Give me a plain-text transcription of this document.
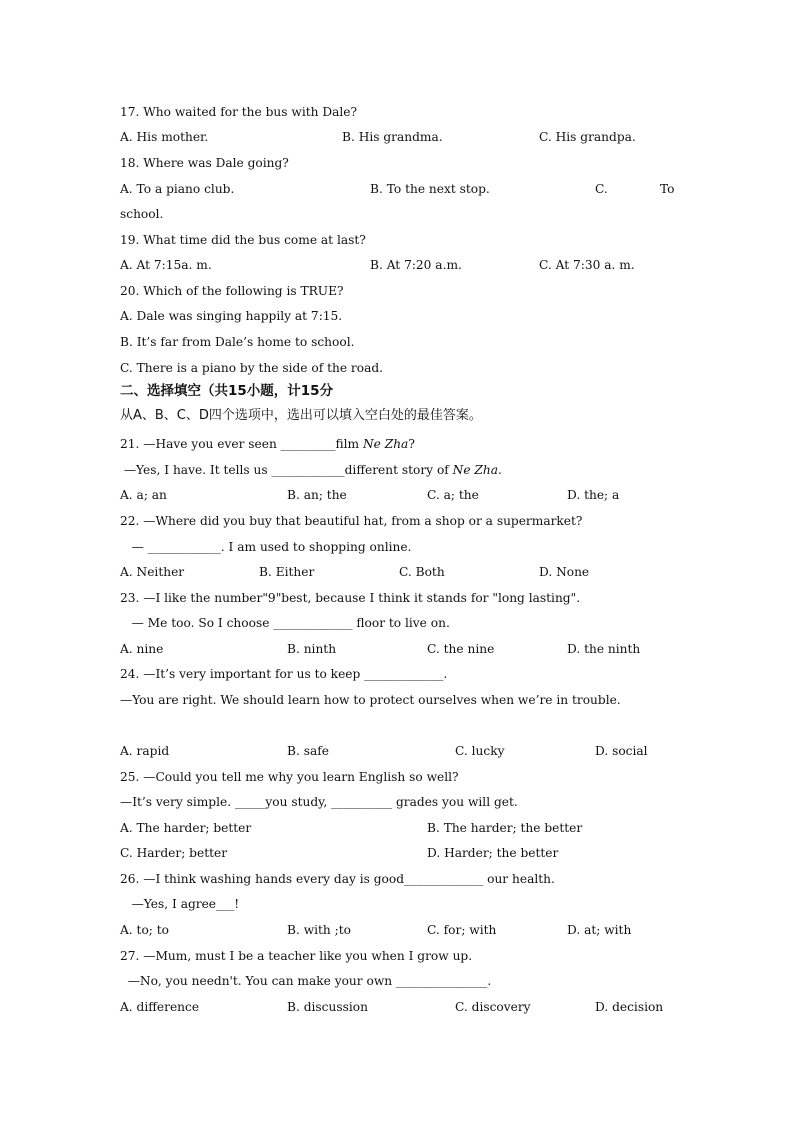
17. Who waited for the bus with Dale?
A. His mother.	B. His grandma.	C. His grandpa.
18. Where was Dale going?
A. To a piano club.	B. To the next stop.	C.	To
school.
19. What time did the bus come at last?
A. At 7:15a. m.	B. At 7:20 a.m.	C. At 7:30 a. m.
20. Which of the following is TRUE?
A. Dale was singing happily at 7:15.
B. It’s far from Dale’s home to school.
C. There is a piano by the side of the road.
二、选择填空（共15小题，计15分
从A、B、C、D四个选项中，选出可以填入空白处的最佳答案。
21. —Have you ever seen _________film Ne Zha?
—Yes, I have. It tells us ____________different story of Ne Zha.
A. a; an	B. an; the	C. a; the	D. the; a
22. —Where did you buy that beautiful hat, from a shop or a supermarket?
— ____________. I am used to shopping online.
A. Neither	B. Either	C. Both	D. None
23. —I like the number"9"best, because I think it stands for "long lasting".
— Me too. So I choose _____________ floor to live on.
A. nine	B. ninth	C. the nine	D. the ninth
24. —It’s very important for us to keep _____________.
—You are right. We should learn how to protect ourselves when we’re in trouble.
A. rapid	B. safe	C. lucky	D. social
25. —Could you tell me why you learn English so well?
—It’s very simple. _____you study, __________ grades you will get.
A. The harder; better	B. The harder; the better
C. Harder; better	D. Harder; the better
26. —I think washing hands every day is good_____________ our health.
—Yes, I agree___!
A. to; to	B. with ;to	C. for; with	D. at; with
27. —Mum, must I be a teacher like you when I grow up.
—No, you needn't. You can make your own _______________.
A. difference	B. discussion	C. discovery	D. decision
